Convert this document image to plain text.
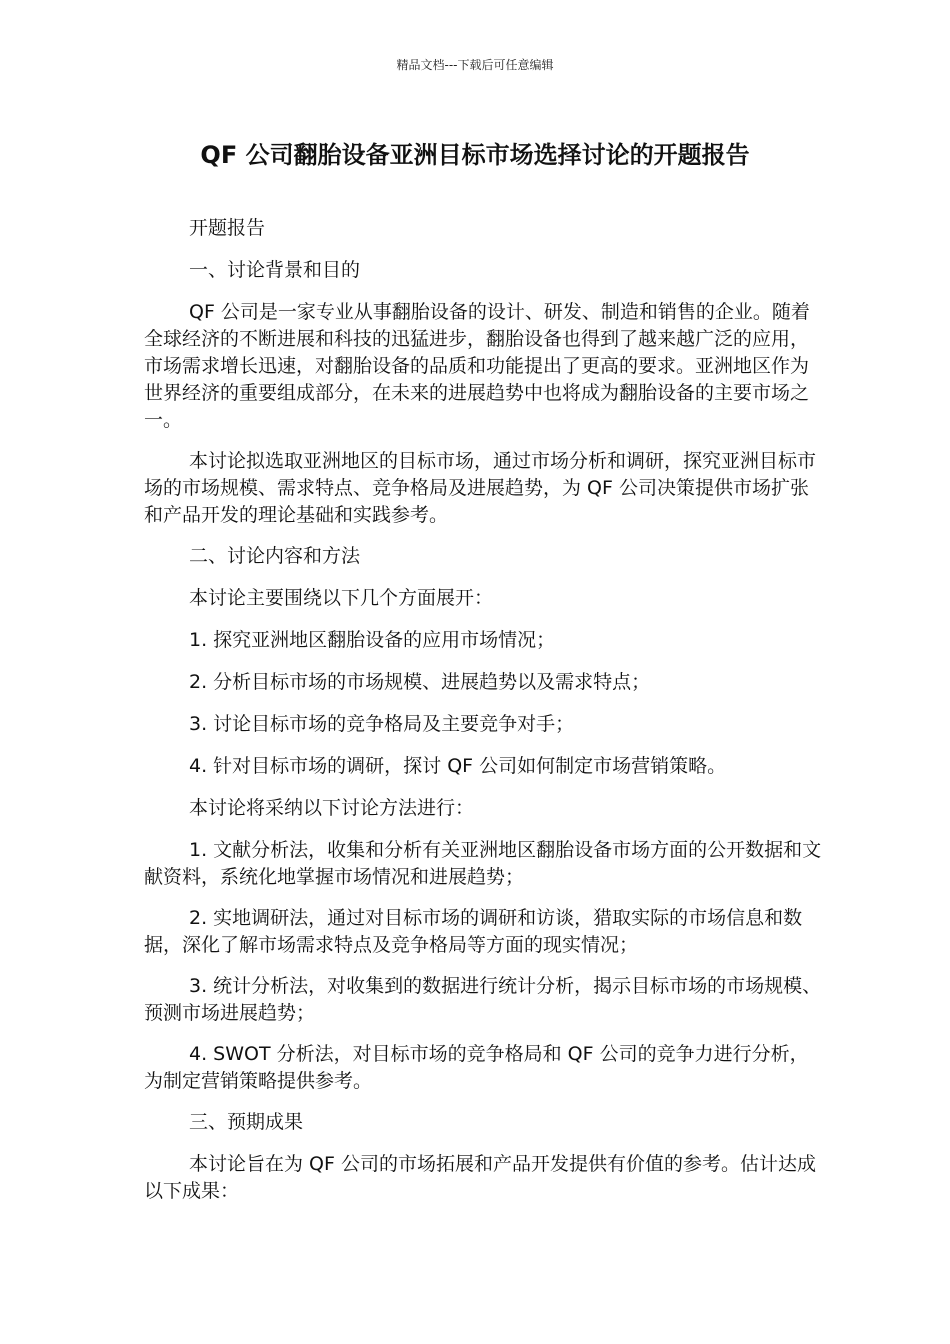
精品文档---下载后可任意编辑
QF 公司翻胎设备亚洲目标市场选择讨论的开题报告

开题报告

一、讨论背景和目的

QF 公司是一家专业从事翻胎设备的设计、研发、制造和销售的企业。随着全球经济的不断进展和科技的迅猛进步，翻胎设备也得到了越来越广泛的应用，市场需求增长迅速，对翻胎设备的品质和功能提出了更高的要求。亚洲地区作为世界经济的重要组成部分，在未来的进展趋势中也将成为翻胎设备的主要市场之一。

本讨论拟选取亚洲地区的目标市场，通过市场分析和调研，探究亚洲目标市场的市场规模、需求特点、竞争格局及进展趋势，为 QF 公司决策提供市场扩张和产品开发的理论基础和实践参考。

二、讨论内容和方法

本讨论主要围绕以下几个方面展开：

1. 探究亚洲地区翻胎设备的应用市场情况；

2. 分析目标市场的市场规模、进展趋势以及需求特点；

3. 讨论目标市场的竞争格局及主要竞争对手；

4. 针对目标市场的调研，探讨 QF 公司如何制定市场营销策略。

本讨论将采纳以下讨论方法进行：

1. 文献分析法，收集和分析有关亚洲地区翻胎设备市场方面的公开数据和文献资料，系统化地掌握市场情况和进展趋势；

2. 实地调研法，通过对目标市场的调研和访谈，猎取实际的市场信息和数据，深化了解市场需求特点及竞争格局等方面的现实情况；

3. 统计分析法，对收集到的数据进行统计分析，揭示目标市场的市场规模、预测市场进展趋势；

4. SWOT 分析法，对目标市场的竞争格局和 QF 公司的竞争力进行分析，为制定营销策略提供参考。

三、预期成果

本讨论旨在为 QF 公司的市场拓展和产品开发提供有价值的参考。估计达成以下成果：
